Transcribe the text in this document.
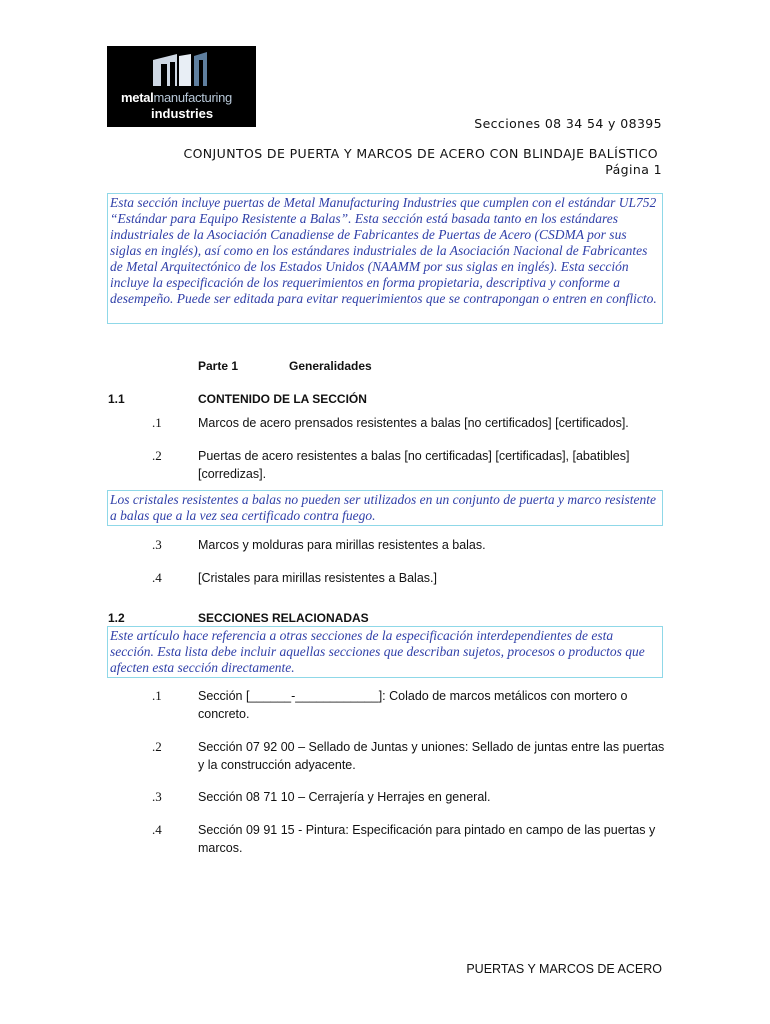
metalmanufacturing
industries
Secciones 08 34 54 y 08395
CONJUNTOS DE PUERTA Y MARCOS DE ACERO CON BLINDAJE BALÍSTICO
Página 1
Esta sección incluye puertas de Metal Manufacturing Industries que cumplen con el estándar UL752 “Estándar para Equipo Resistente a Balas”. Esta sección está basada tanto en los estándares industriales de la Asociación Canadiense de Fabricantes de Puertas de Acero (CSDMA por sus siglas en inglés), así como en los estándares industriales de la Asociación Nacional de Fabricantes de Metal Arquitectónico de los Estados Unidos (NAAMM por sus siglas en inglés). Esta sección incluye la especificación de los requerimientos en forma propietaria, descriptiva y conforme a desempeño. Puede ser editada para evitar requerimientos que se contrapongan o entren en conflicto.
Parte 1	Generalidades
1.1	CONTENIDO DE LA SECCIÓN
.1	Marcos de acero prensados resistentes a balas [no certificados] [certificados].
.2	Puertas de acero resistentes a balas [no certificadas] [certificadas], [abatibles] [corredizas].
Los cristales resistentes a balas no pueden ser utilizados en un conjunto de puerta y marco resistente a balas que a la vez sea certificado contra fuego.
.3	Marcos y molduras para mirillas resistentes a balas.
.4	[Cristales para mirillas resistentes a Balas.]
1.2	SECCIONES RELACIONADAS
Este artículo hace referencia a otras secciones de la especificación interdependientes de esta sección. Esta lista debe incluir aquellas secciones que describan sujetos, procesos o productos que afecten esta sección directamente.
.1	Sección [______-____________]: Colado de marcos metálicos con mortero o concreto.
.2	Sección 07 92 00 – Sellado de Juntas y uniones: Sellado de juntas entre las puertas y la construcción adyacente.
.3	Sección 08 71 10 – Cerrajería y Herrajes en general.
.4	Sección 09 91 15 - Pintura: Especificación para pintado en campo de las puertas y marcos.
PUERTAS Y MARCOS DE ACERO
